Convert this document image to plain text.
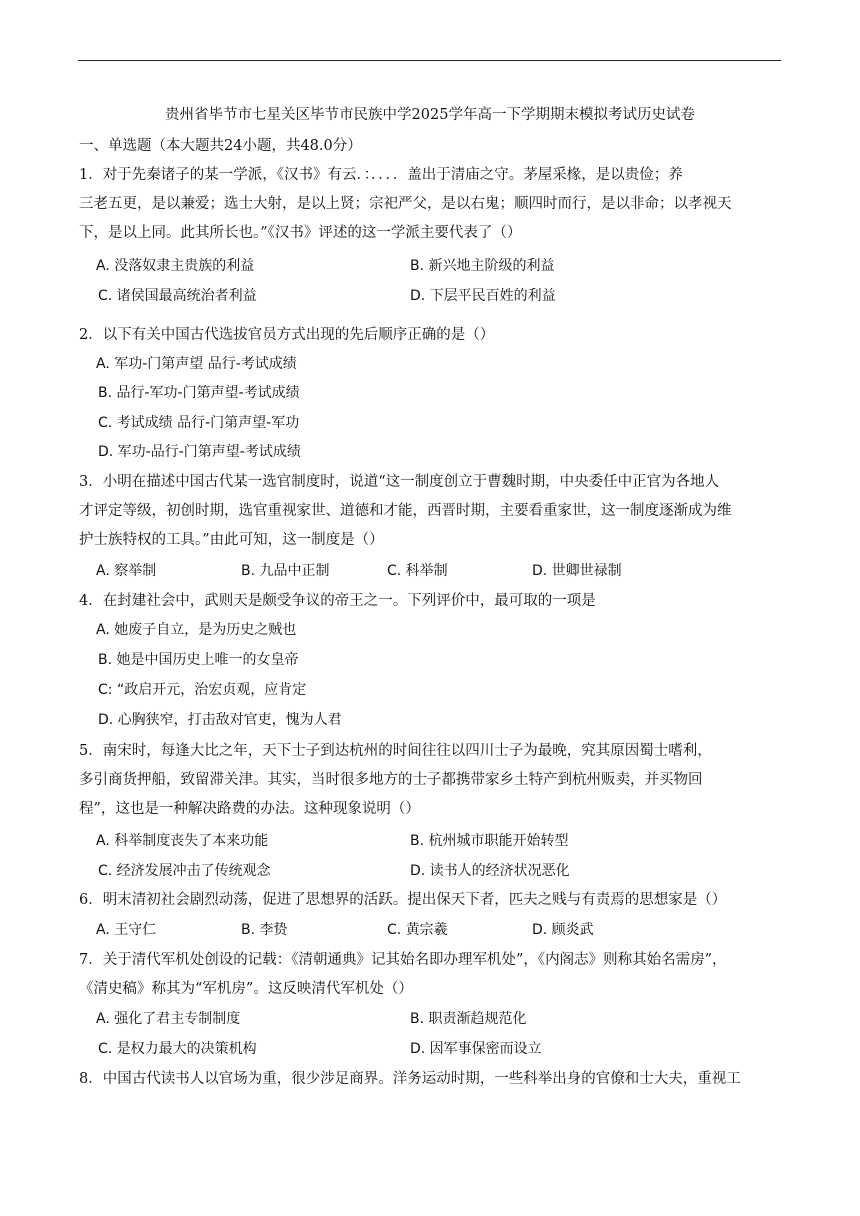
贵州省毕节市七星关区毕节市民族中学2025学年高一下学期期末模拟考试历史试卷
一、单选题（本大题共24小题，共48.0分）
1．对于先秦诸子的某一学派，《汉书》有云．：．．．．盖出于清庙之守。茅屋采椽，是以贵俭；养
三老五更，是以兼爱；选士大射，是以上贤；宗祀严父，是以右鬼；顺四时而行，是以非命；以孝视天
下，是以上同。此其所长也。”《汉书》评述的这一学派主要代表了（）
A. 没落奴隶主贵族的利益	B. 新兴地主阶级的利益
C. 诸侯国最高统治者利益	D. 下层平民百姓的利益
2．以下有关中国古代选拔官员方式出现的先后顺序正确的是（）
A. 军功-门第声望 品行-考试成绩
B. 品行-军功-门第声望-考试成绩
C. 考试成绩 品行-门第声望-军功
D. 军功-品行-门第声望-考试成绩
3．小明在描述中国古代某一选官制度时，说道“这一制度创立于曹魏时期，中央委任中正官为各地人
才评定等级，初创时期，选官重视家世、道德和才能，西晋时期，主要看重家世，这一制度逐渐成为维
护士族特权的工具。”由此可知，这一制度是（）
A. 察举制	B. 九品中正制	C. 科举制	D. 世卿世禄制
4．在封建社会中，武则天是颇受争议的帝王之一。下列评价中，最可取的一项是
A. 她废子自立，是为历史之贼也
B. 她是中国历史上唯一的女皇帝
C: “政启开元，治宏贞观，应肯定
D. 心胸狭窄，打击敌对官吏，愧为人君
5．南宋时，每逢大比之年，天下士子到达杭州的时间往往以四川士子为最晚，究其原因蜀士嗜利，
多引商货押船，致留滞关津。其实，当时很多地方的士子都携带家乡土特产到杭州贩卖，并买物回
程”，这也是一种解决路费的办法。这种现象说明（）
A. 科举制度丧失了本来功能	B. 杭州城市职能开始转型
C. 经济发展冲击了传统观念	D. 读书人的经济状况恶化
6．明末清初社会剧烈动荡，促进了思想界的活跃。提出保天下者，匹夫之贱与有责焉的思想家是（）
A. 王守仁	B. 李贽	C. 黄宗羲	D. 顾炎武
7．关于清代军机处创设的记载：《清朝通典》记其始名即办理军机处”，《内阁志》则称其始名需房”，
《清史稿》称其为“军机房”。这反映清代军机处（）
A. 强化了君主专制制度	B. 职责渐趋规范化
C. 是权力最大的决策机构	D. 因军事保密而设立
8．中国古代读书人以官场为重，很少涉足商界。洋务运动时期，一些科举出身的官僚和士大夫，重视工
